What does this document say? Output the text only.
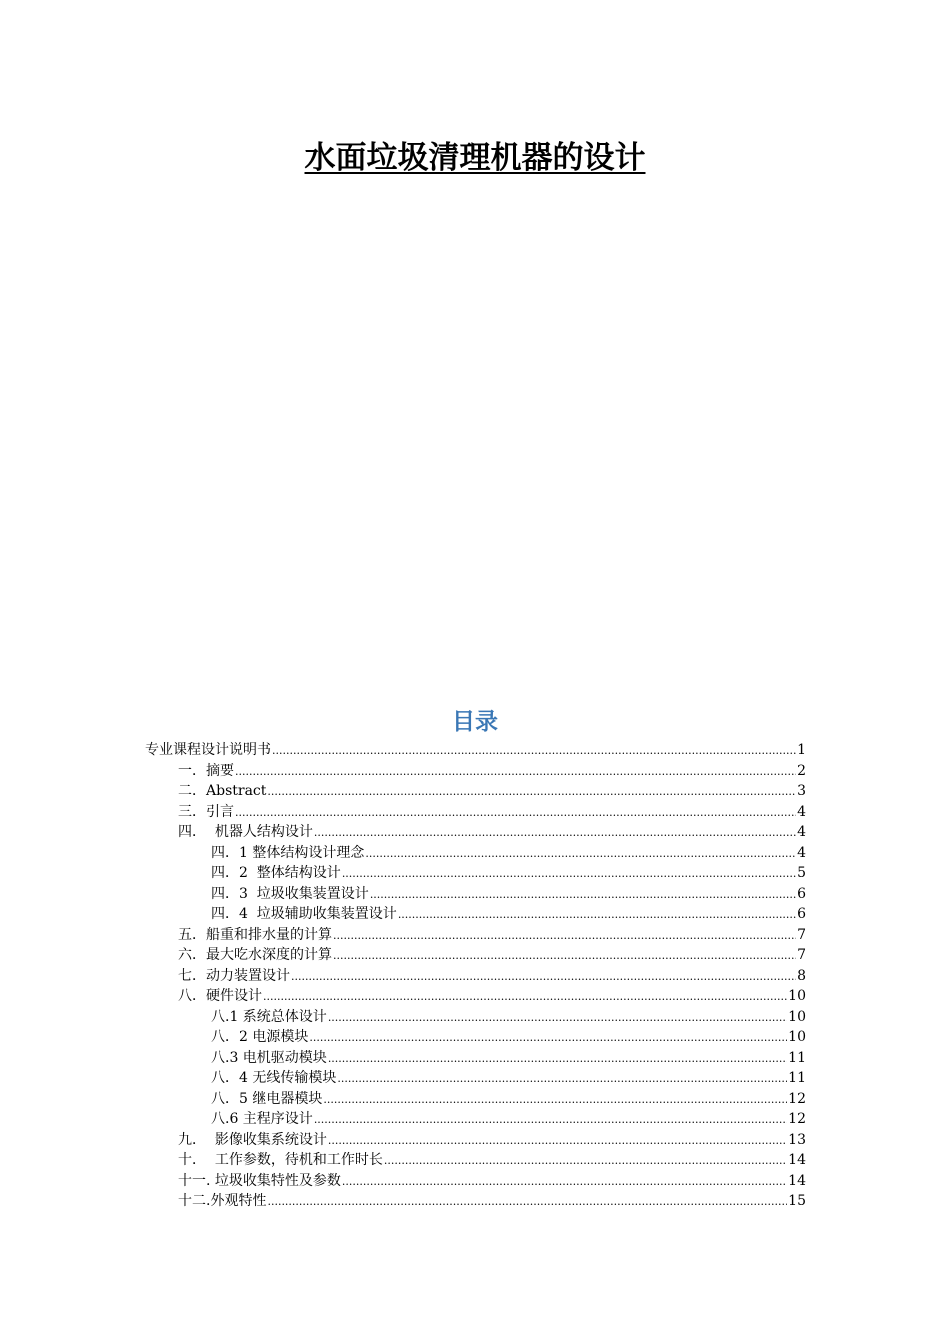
水面垃圾清理机器的设计
目录
专业课程设计说明书 .....	1
一．摘要 .....	2
二．Abstract .....	3
三．引言 .....	4
四．  机器人结构设计 .....	4
四．1 整体结构设计理念 .....	4
四．2  整体结构设计 .....	5
四．3  垃圾收集装置设计 .....	6
四．4  垃圾辅助收集装置设计 .....	6
五．船重和排水量的计算 .....	7
六．最大吃水深度的计算 .....	7
七．动力装置设计 .....	8
八．硬件设计 .....	10
八.1 系统总体设计 .....	10
八．2 电源模块 .....	10
八.3 电机驱动模块 .....	11
八．4 无线传输模块 .....	11
八．5 继电器模块 .....	12
八.6 主程序设计 .....	12
九．  影像收集系统设计 .....	13
十．  工作参数，待机和工作时长 .....	14
十一. 垃圾收集特性及参数 .....	14
十二.外观特性 .....	15
